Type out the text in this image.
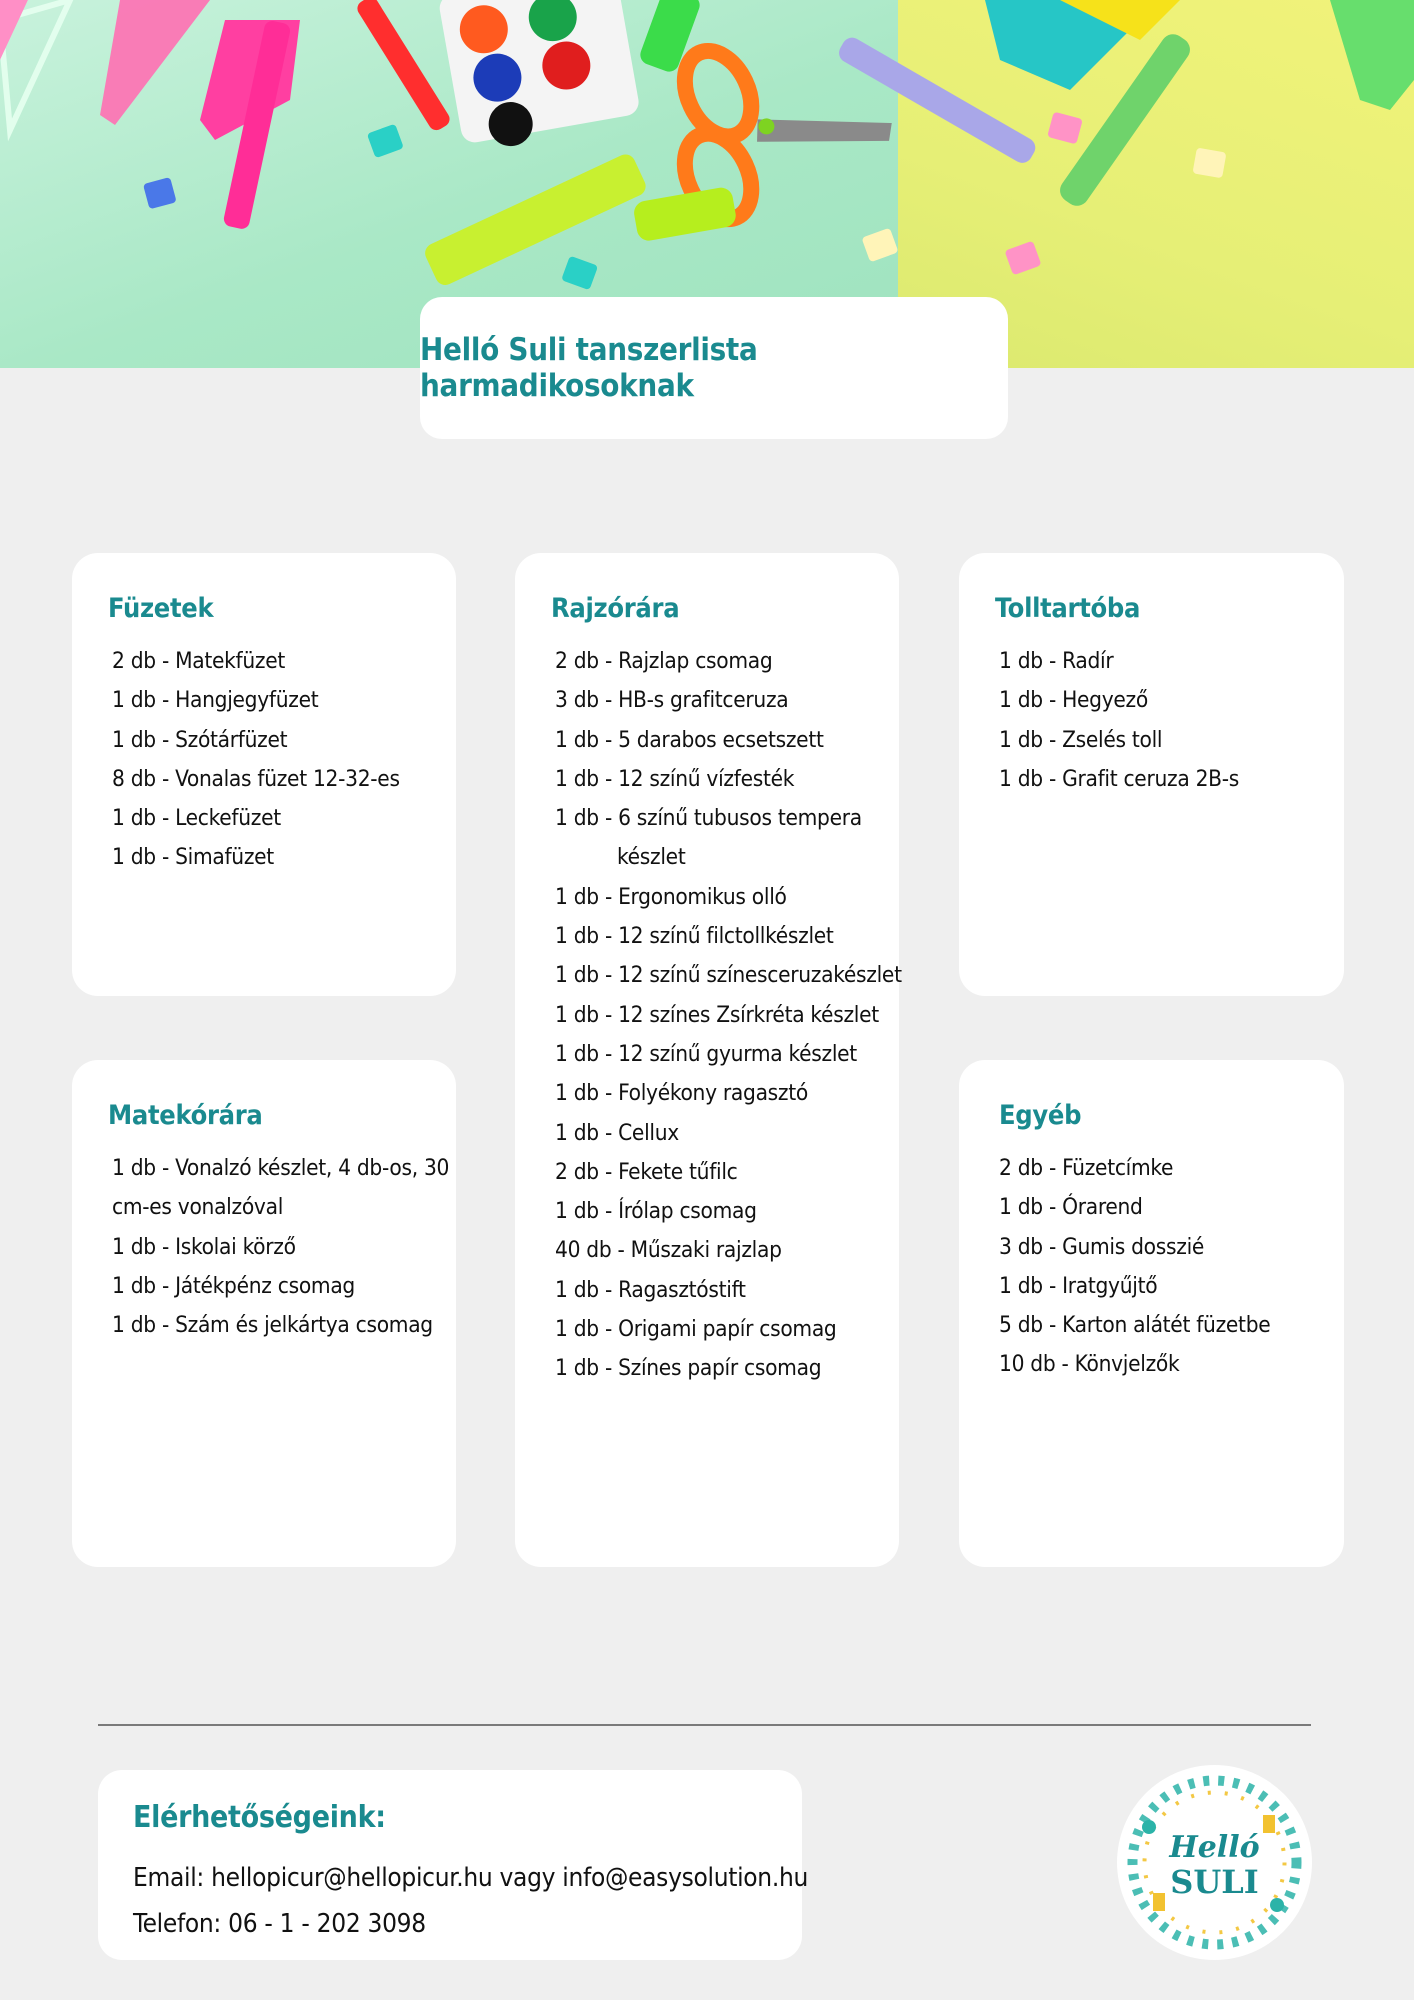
Helló Suli tanszerlista harmadikosoknak
Füzetek
2 db - Matekfüzet
1 db - Hangjegyfüzet
1 db - Szótárfüzet
8 db - Vonalas füzet 12-32-es
1 db - Leckefüzet
1 db - Simafüzet
Rajzórára
2 db - Rajzlap csomag
3 db - HB-s grafitceruza
1 db - 5 darabos ecsetszett
1 db - 12 színű vízfesték
1 db - 6 színű tubusos tempera
készlet
1 db - Ergonomikus olló
1 db - 12 színű filctollkészlet
1 db - 12 színű színesceruzakészlet
1 db - 12 színes Zsírkréta készlet
1 db - 12 színű gyurma készlet
1 db - Folyékony ragasztó
1 db - Cellux
2 db - Fekete tűfilc
1 db - Írólap csomag
40 db - Műszaki rajzlap
1 db - Ragasztóstift
1 db - Origami papír csomag
1 db - Színes papír csomag
Tolltartóba
1 db - Radír
1 db - Hegyező
1 db - Zselés toll
1 db - Grafit ceruza 2B-s
Matekórára
1 db - Vonalzó készlet, 4 db-os, 30
cm-es vonalzóval
1 db - Iskolai körző
1 db - Játékpénz csomag
1 db - Szám és jelkártya csomag
Egyéb
2 db - Füzetcímke
1 db - Órarend
3 db - Gumis dosszié
1 db - Iratgyűjtő
5 db - Karton alátét füzetbe
10 db - Könvjelzők
Elérhetőségeink:

Email: hellopicur@hellopicur.hu vagy info@easysolution.hu

Telefon: 06 - 1 - 202 3098

Helló
SULI
